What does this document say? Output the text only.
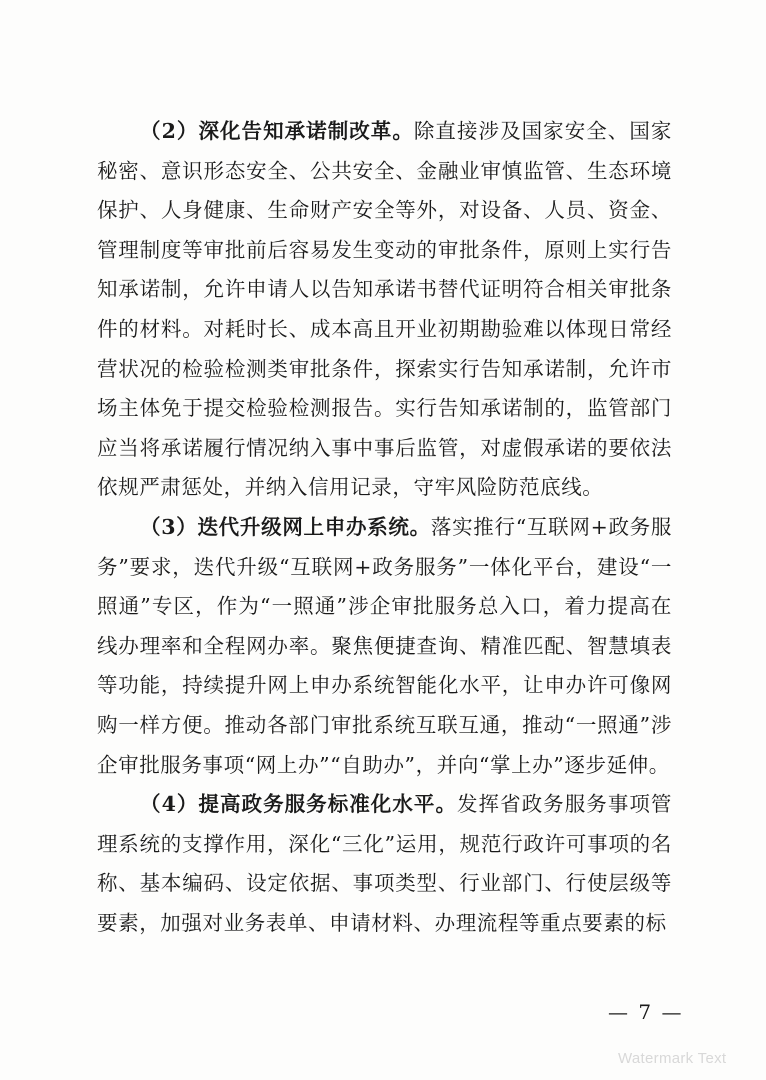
（2）深化告知承诺制改革。除直接涉及国家安全、国家秘密、意识形态安全、公共安全、金融业审慎监管、生态环境保护、人身健康、生命财产安全等外，对设备、人员、资金、管理制度等审批前后容易发生变动的审批条件，原则上实行告知承诺制，允许申请人以告知承诺书替代证明符合相关审批条件的材料。对耗时长、成本高且开业初期勘验难以体现日常经营状况的检验检测类审批条件，探索实行告知承诺制，允许市场主体免于提交检验检测报告。实行告知承诺制的，监管部门应当将承诺履行情况纳入事中事后监管，对虚假承诺的要依法依规严肃惩处，并纳入信用记录，守牢风险防范底线。

（3）迭代升级网上申办系统。落实推行“互联网+政务服务”要求，迭代升级“互联网+政务服务”一体化平台，建设“一照通”专区，作为“一照通”涉企审批服务总入口，着力提高在线办理率和全程网办率。聚焦便捷查询、精准匹配、智慧填表等功能，持续提升网上申办系统智能化水平，让申办许可像网购一样方便。推动各部门审批系统互联互通，推动“一照通”涉企审批服务事项“网上办”“自助办”，并向“掌上办”逐步延伸。

（4）提高政务服务标准化水平。发挥省政务服务事项管理系统的支撑作用，深化“三化”运用，规范行政许可事项的名称、基本编码、设定依据、事项类型、行业部门、行使层级等要素，加强对业务表单、申请材料、办理流程等重点要素的标

— 7 —
Watermark Text
